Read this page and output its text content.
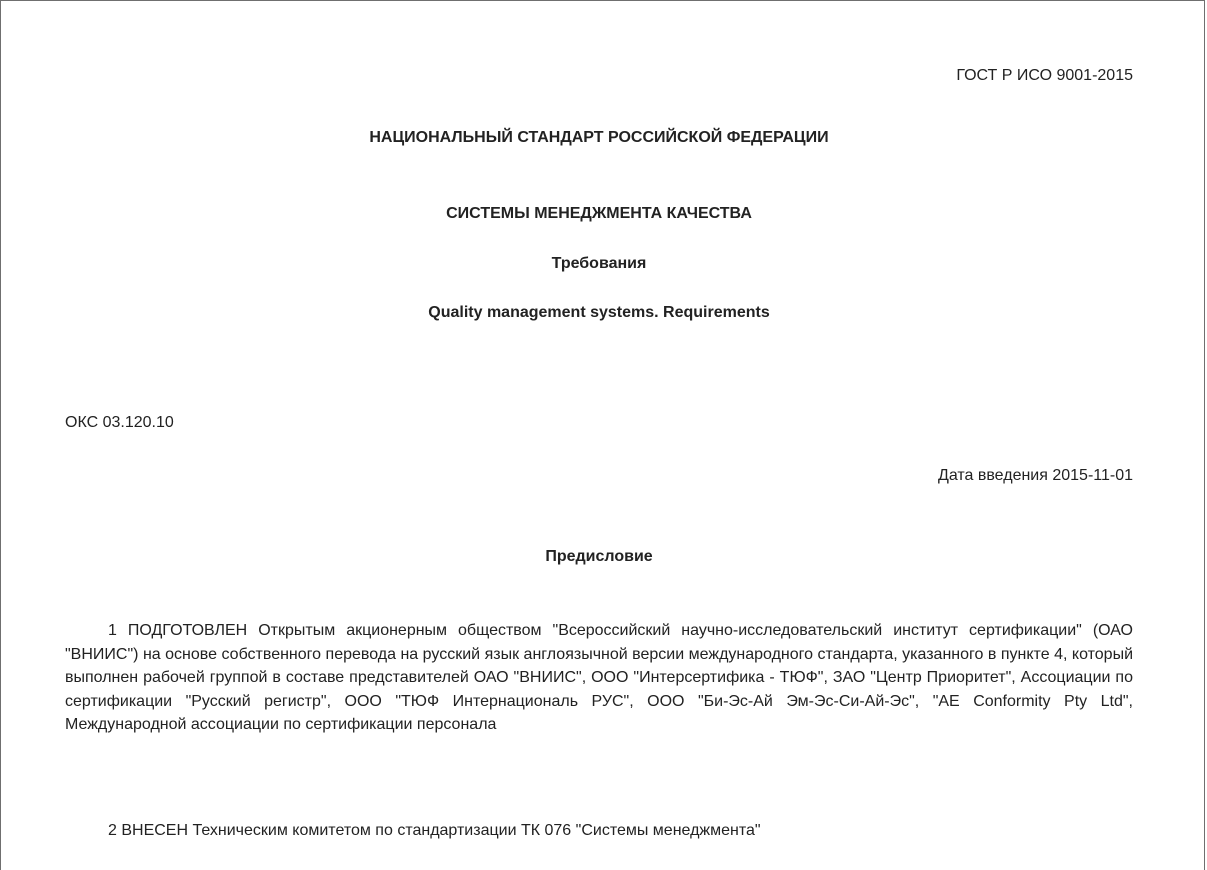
ГОСТ Р ИСО 9001-2015
НАЦИОНАЛЬНЫЙ СТАНДАРТ РОССИЙСКОЙ ФЕДЕРАЦИИ
СИСТЕМЫ МЕНЕДЖМЕНТА КАЧЕСТВА
Требования
Quality management systems. Requirements
ОКС 03.120.10
Дата введения 2015-11-01
Предисловие
1 ПОДГОТОВЛЕН Открытым акционерным обществом "Всероссийский научно-исследовательский институт сертификации" (ОАО "ВНИИС") на основе собственного перевода на русский язык англоязычной версии международного стандарта, указанного в пункте 4, который выполнен рабочей группой в составе представителей ОАО "ВНИИС", ООО "Интерсертифика - ТЮФ", ЗАО "Центр Приоритет", Ассоциации по сертификации "Русский регистр", ООО "ТЮФ Интернациональ РУС", ООО "Би-Эс-Ай Эм-Эс-Си-Ай-Эс", "АЕ Conformity Pty Ltd", Международной ассоциации по сертификации персонала
2 ВНЕСЕН Техническим комитетом по стандартизации ТК 076 "Системы менеджмента"
